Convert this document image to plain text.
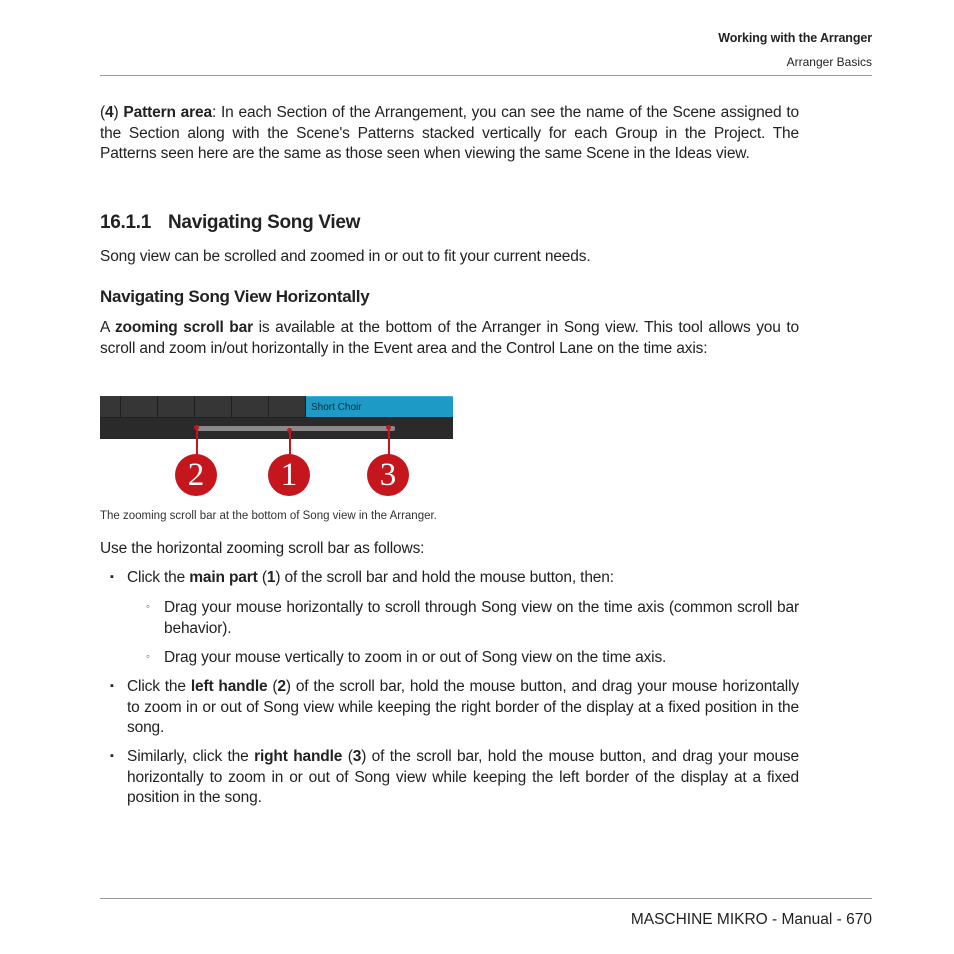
Working with the Arranger
Arranger Basics
(4) Pattern area: In each Section of the Arrangement, you can see the name of the Scene assigned to the Section along with the Scene's Patterns stacked vertically for each Group in the Project. The Patterns seen here are the same as those seen when viewing the same Scene in the Ideas view.
16.1.1 Navigating Song View
Song view can be scrolled and zoomed in or out to fit your current needs.
Navigating Song View Horizontally
A zooming scroll bar is available at the bottom of the Arranger in Song view. This tool allows you to scroll and zoom in/out horizontally in the Event area and the Control Lane on the time axis:
Short Choir
2	1	3
The zooming scroll bar at the bottom of Song view in the Arranger.
Use the horizontal zooming scroll bar as follows:
▪ Click the main part (1) of the scroll bar and hold the mouse button, then:
◦ Drag your mouse horizontally to scroll through Song view on the time axis (common scroll bar behavior).
◦ Drag your mouse vertically to zoom in or out of Song view on the time axis.
▪ Click the left handle (2) of the scroll bar, hold the mouse button, and drag your mouse horizontally to zoom in or out of Song view while keeping the right border of the display at a fixed position in the song.
▪ Similarly, click the right handle (3) of the scroll bar, hold the mouse button, and drag your mouse horizontally to zoom in or out of Song view while keeping the left border of the display at a fixed position in the song.
MASCHINE MIKRO - Manual - 670
